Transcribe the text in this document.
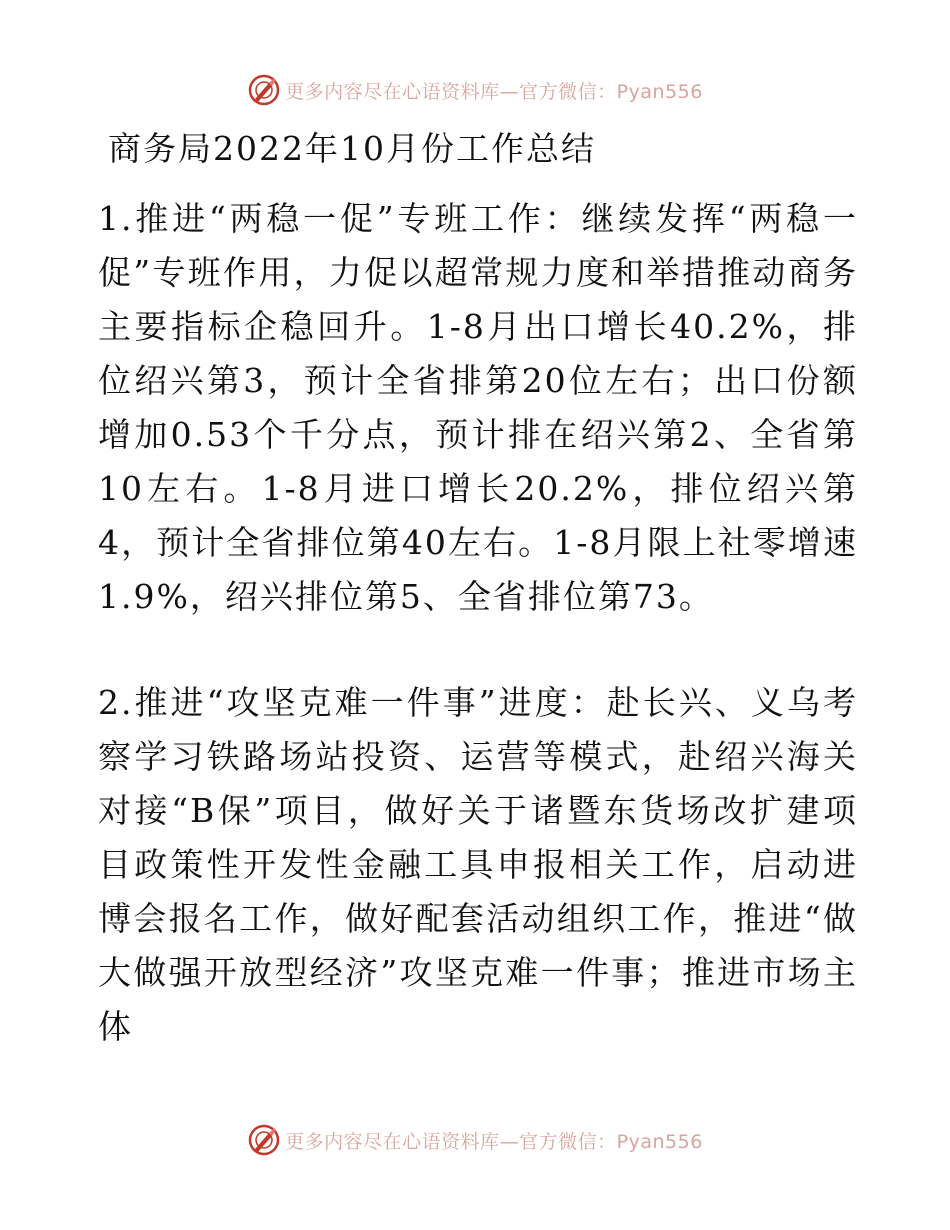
更多内容尽在心语资料库—官方微信：Pyan556
商务局2022年10月份工作总结

1.推进“两稳一促”专班工作：继续发挥“两稳一促”专班作用，力促以超常规力度和举措推动商务主要指标企稳回升。1-8月出口增长40.2%，排位绍兴第3，预计全省排第20位左右；出口份额增加0.53个千分点，预计排在绍兴第2、全省第10左右。1-8月进口增长20.2%，排位绍兴第4，预计全省排位第40左右。1-8月限上社零增速1.9%，绍兴排位第5、全省排位第73。

2.推进“攻坚克难一件事”进度：赴长兴、义乌考察学习铁路场站投资、运营等模式，赴绍兴海关对接“B保”项目，做好关于诸暨东货场改扩建项目政策性开发性金融工具申报相关工作，启动进博会报名工作，做好配套活动组织工作，推进“做大做强开放型经济”攻坚克难一件事；推进市场主体

更多内容尽在心语资料库—官方微信：Pyan556
